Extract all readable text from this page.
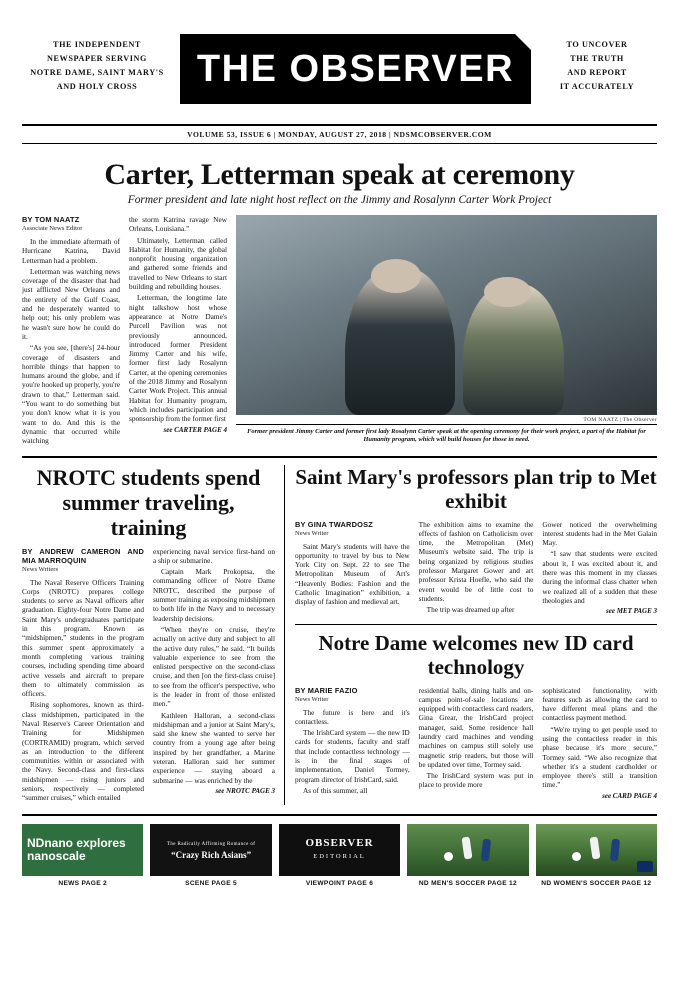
THE INDEPENDENT
NEWSPAPER SERVING
NOTRE DAME, SAINT MARY'S
AND HOLY CROSS	THE OBSERVER
TO UNCOVER
THE TRUTH
AND REPORT
IT ACCURATELY
VOLUME 53, ISSUE 6 | MONDAY, AUGUST 27, 2018 | NDSMCOBSERVER.COM
Carter, Letterman speak at ceremony
Former president and late night host reflect on the Jimmy and Rosalynn Carter Work Project
BY TOM NAATZ
Associate News Editor

In the immediate aftermath of Hurricane Katrina, David Letterman had a problem.

Letterman was watching news coverage of the disaster that had just afflicted New Orleans and the entirety of the Gulf Coast, and he desperately wanted to help out; his only problem was he wasn't sure how he could do it.

“As you see, [there's] 24-hour coverage of disasters and horrible things that happen to humans around the globe, and if you're hooked up properly, you're drawn to that,” Letterman said. “You want to do something but you don't know what it is you want to do. And this is the dynamic that occurred while watching

the storm Katrina ravage New Orleans, Louisiana.”

Ultimately, Letterman called Habitat for Humanity, the global nonprofit housing organization and gathered some friends and travelled to New Orleans to start building and rebuilding houses.

Letterman, the longtime late night talkshow host whose appearance at Notre Dame's Purcell Pavilion was not previously announced, introduced former President Jimmy Carter and his wife, former first lady Rosalynn Carter, at the opening ceremonies of the 2018 Jimmy and Rosalynn Carter Work Project. This annual Habitat for Humanity program, which includes participation and sponsorship from the former first

see CARTER PAGE 4
TOM NAATZ | The Observer
Former president Jimmy Carter and former first lady Rosalynn Carter speak at the opening ceremony for their work project, a part of the Habitat for Humanity program, which will build houses for those in need.
NROTC students spend summer traveling, training
BY ANDREW CAMERON AND MIA MARROQUIN
News Writers

The Naval Reserve Officers Training Corps (NROTC) prepares college students to serve as Naval officers after graduation. Eighty-four Notre Dame and Saint Mary's undergraduates participate in this program. Known as “midshipmen,” students in the program this summer spent approximately a month completing various training courses, including spending time aboard active vessels and aircraft to prepare them to ultimately commission as officers.

Rising sophomores, known as third-class midshipmen, participated in the Naval Reserve's Career Orientation and Training for Midshipmen (CORTRAMID) program, which served as an introduction to the different communities within or associated with the Navy. Second-class and first-class midshipmen — rising juniors and seniors, respectively — completed “summer cruises,” which entailed

experiencing naval service first-hand on a ship or submarine.

Captain Mark Prokoptsa, the commanding officer of Notre Dame NROTC, described the purpose of summer training as exposing midshipmen to both life in the Navy and to necessary leadership decisions.

“When they're on cruise, they're actually on active duty and subject to all the active duty rules,” he said. “It builds valuable experience to see from the enlisted perspective on the second-class cruise, and then [on the first-class cruise] to see from the officer's perspective, who is the leader in front of those enlisted men.”

Kathleen Halloran, a second-class midshipman and a junior at Saint Mary's, said she knew she wanted to serve her country from a young age after being inspired by her grandfather, a Marine veteran. Halloran said her summer experience — staying aboard a submarine — was enriched by the

see NROTC PAGE 3
Saint Mary's professors plan trip to Met exhibit
BY GINA TWARDOSZ
News Writer

Saint Mary's students will have the opportunity to travel by bus to New York City on Sept. 22 to see The Metropolitan Museum of Art's “Heavenly Bodies: Fashion and the Catholic Imagination” exhibition, a display of fashion and medieval art.

The exhibition aims to examine the effects of fashion on Catholicism over time, the Metropolitan (Met) Museum's website said. The trip is being organized by religious studies professor Margaret Gower and art professor Krista Hoefle, who said the event would be of little cost to students.

The trip was dreamed up after

Gower noticed the overwhelming interest students had in the Met Galain May.

“I saw that students were excited about it, I was excited about it, and there was this moment in my classes during the informal class chatter when we realized all of a sudden that these theologies and

see MET PAGE 3
Notre Dame welcomes new ID card technology
BY MARIE FAZIO
News Writer

The future is here and it's contactless.

The IrishCard system — the new ID cards for students, faculty and staff that include contactless technology — is in the final stages of implementation, Daniel Tormey, program director of IrishCard, said.

As of this summer, all

residential halls, dining halls and on-campus point-of-sale locations are equipped with contactless card readers, Gina Grear, the IrishCard project manager, said. Some residence hall laundry card machines and vending machines on campus still solely use magnetic strip readers, but those will be updated over time, Tormey said.

The IrishCard system was put in place to provide more

sophisticated functionality, with features such as allowing the card to have different meal plans and the contactless payment method.

“We're trying to get people used to using the contactless reader in this phase because it's more secure,” Tormey said. “We also recognize that whether it's a student cardholder or employee there's still a transition time.”

see CARD PAGE 4
NDnano explores nanoscale
NEWS PAGE 2
The Radically Affirming Romance of
“Crazy Rich Asians”
SCENE PAGE 5
OBSERVER
EDITORIAL
VIEWPOINT PAGE 6	ND MEN'S SOCCER PAGE 12	ND WOMEN'S SOCCER PAGE 12
